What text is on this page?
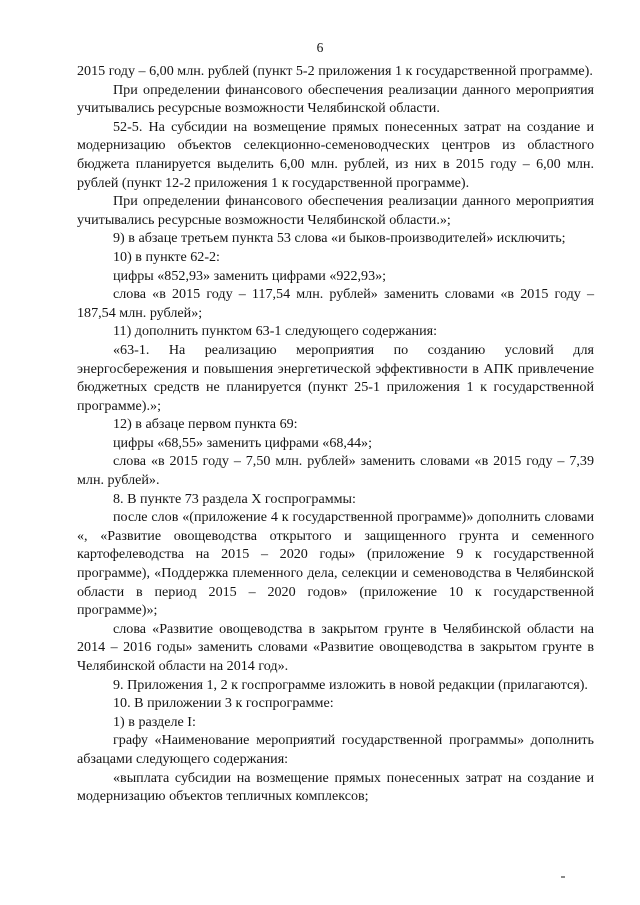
6

2015 году – 6,00 млн. рублей (пункт 5-2 приложения 1 к государственной программе).

При определении финансового обеспечения реализации данного мероприятия учитывались ресурсные возможности Челябинской области.

52-5. На субсидии на возмещение прямых понесенных затрат на создание и модернизацию объектов селекционно-семеноводческих центров из областного бюджета планируется выделить 6,00 млн. рублей, из них в 2015 году – 6,00 млн. рублей (пункт 12-2 приложения 1 к государственной программе).

При определении финансового обеспечения реализации данного мероприятия учитывались ресурсные возможности Челябинской области.»;

9) в абзаце третьем пункта 53 слова «и быков-производителей» исключить;

10) в пункте 62-2:

цифры «852,93» заменить цифрами «922,93»;

слова «в 2015 году – 117,54 млн. рублей» заменить словами «в 2015 году – 187,54 млн. рублей»;

11) дополнить пунктом 63-1 следующего содержания:

«63-1. На реализацию мероприятия по созданию условий для энергосбережения и повышения энергетической эффективности в АПК привлечение бюджетных средств не планируется (пункт 25-1 приложения 1 к государственной программе).»;

12) в абзаце первом пункта 69:

цифры «68,55» заменить цифрами «68,44»;

слова «в 2015 году – 7,50 млн. рублей» заменить словами «в 2015 году – 7,39 млн. рублей».

8. В пункте 73 раздела X госпрограммы:

после слов «(приложение 4 к государственной программе)» дополнить словами «, «Развитие овощеводства открытого и защищенного грунта и семенного картофелеводства на 2015 – 2020 годы» (приложение 9 к государственной программе), «Поддержка племенного дела, селекции и семеноводства в Челябинской области в период 2015 – 2020 годов» (приложение 10 к государственной программе)»;

слова «Развитие овощеводства в закрытом грунте в Челябинской области на 2014 – 2016 годы» заменить словами «Развитие овощеводства в закрытом грунте в Челябинской области на 2014 год».

9. Приложения 1, 2 к госпрограмме изложить в новой редакции (прилагаются).

10. В приложении 3 к госпрограмме:

1) в разделе I:

графу «Наименование мероприятий государственной программы» дополнить абзацами следующего содержания:

«выплата субсидии на возмещение прямых понесенных затрат на создание и модернизацию объектов тепличных комплексов;
